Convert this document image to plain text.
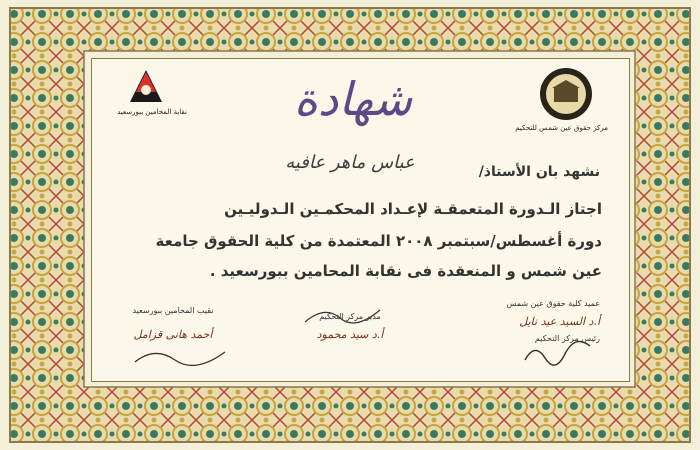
نقابة المحامين ببورسعيد	شهادة
مركز حقوق عين شمس للتحكيم
نشهد بان الأستاذ/
عباس ماهر عافيه
اجتاز الـدورة المتعمقـة لإعـداد المحكمـين الـدوليـين
دورة أغسطس/سبتمبر ٢٠٠٨ المعتمدة من كلية الحقوق جامعة
عين شمس و المنعقدة فى نقابة المحامين ببورسعيد .
عميد كلية حقوق عين شمس
أ.د السيد عيد نايل
رئيس مركز التحكيم
مدير مركز التحكيم
أ.د سيد محمود
نقيب المحامين ببورسعيد
أحمد هانى قزامل
